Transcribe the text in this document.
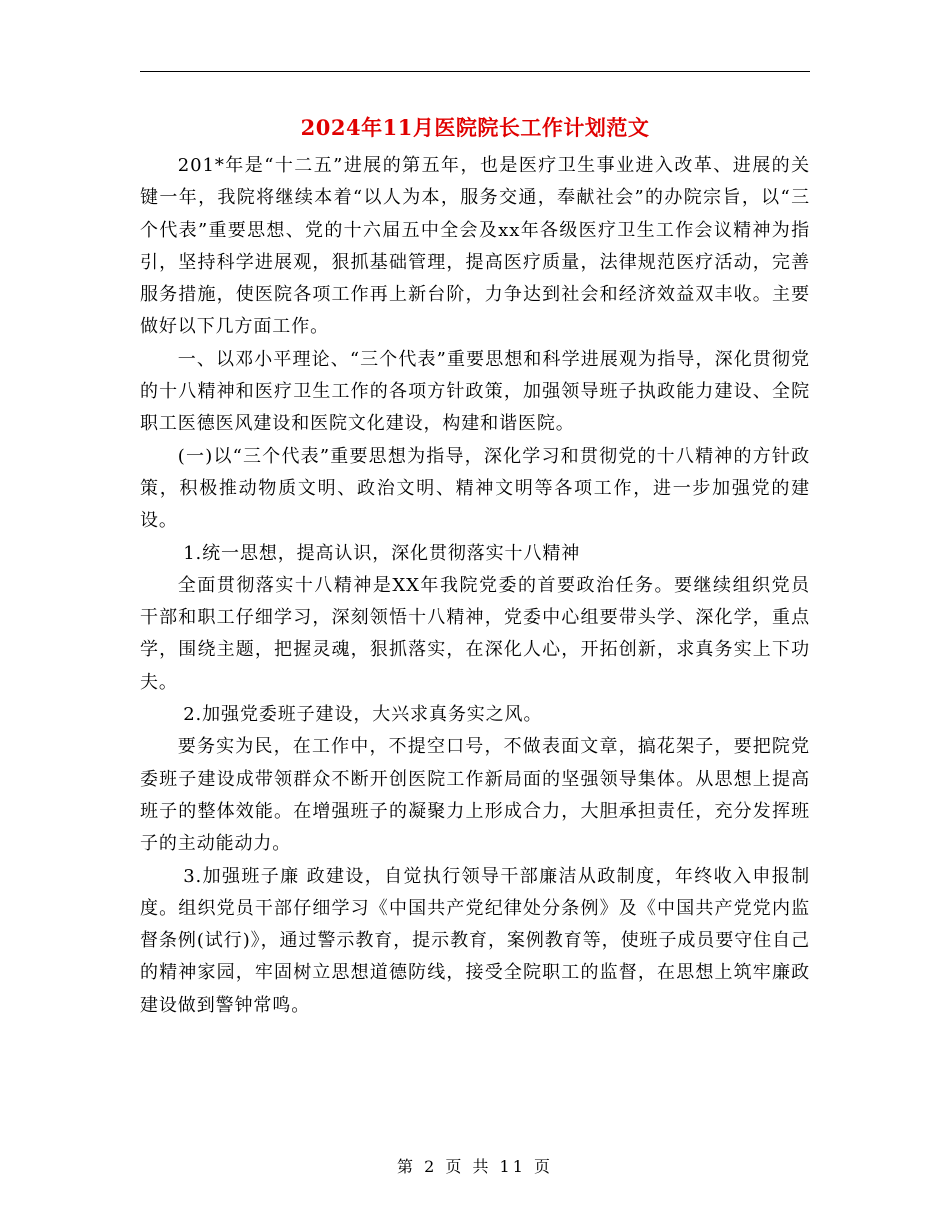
2024年11月医院院长工作计划范文

201*年是“十二五”进展的第五年，也是医疗卫生事业进入改革、进展的关键一年，我院将继续本着“以人为本，服务交通，奉献社会”的办院宗旨，以“三个代表”重要思想、党的十六届五中全会及xx年各级医疗卫生工作会议精神为指引，坚持科学进展观，狠抓基础管理，提高医疗质量，法律规范医疗活动，完善服务措施，使医院各项工作再上新台阶，力争达到社会和经济效益双丰收。主要做好以下几方面工作。

一、以邓小平理论、“三个代表”重要思想和科学进展观为指导，深化贯彻党的十八精神和医疗卫生工作的各项方针政策，加强领导班子执政能力建设、全院职工医德医风建设和医院文化建设，构建和谐医院。

(一)以“三个代表”重要思想为指导，深化学习和贯彻党的十八精神的方针政策，积极推动物质文明、政治文明、精神文明等各项工作，进一步加强党的建设。

1.统一思想，提高认识，深化贯彻落实十八精神

全面贯彻落实十八精神是XX年我院党委的首要政治任务。要继续组织党员干部和职工仔细学习，深刻领悟十八精神，党委中心组要带头学、深化学，重点学，围绕主题，把握灵魂，狠抓落实，在深化人心，开拓创新，求真务实上下功夫。

2.加强党委班子建设，大兴求真务实之风。

要务实为民，在工作中，不提空口号，不做表面文章，搞花架子，要把院党委班子建设成带领群众不断开创医院工作新局面的坚强领导集体。从思想上提高班子的整体效能。在增强班子的凝聚力上形成合力，大胆承担责任，充分发挥班子的主动能动力。

3.加强班子廉 政建设，自觉执行领导干部廉洁从政制度，年终收入申报制度。组织党员干部仔细学习《中国共产党纪律处分条例》及《中国共产党党内监督条例(试行)》，通过警示教育，提示教育，案例教育等，使班子成员要守住自己的精神家园，牢固树立思想道德防线，接受全院职工的监督，在思想上筑牢廉政建设做到警钟常鸣。

第 2 页 共 11 页
